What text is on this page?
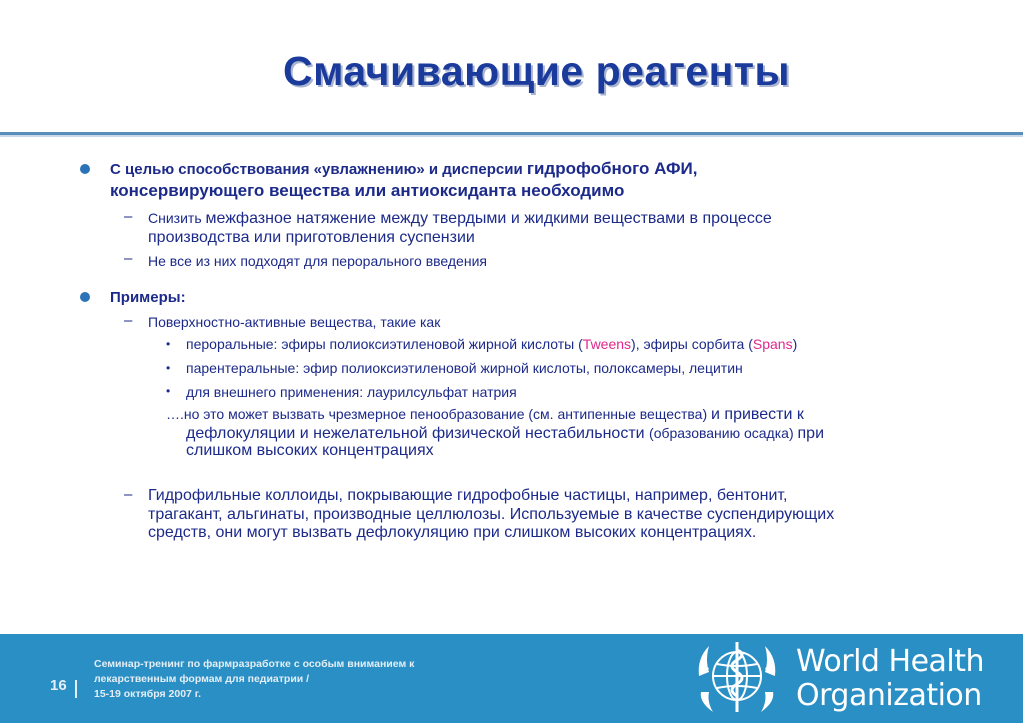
Смачивающие реагенты
С целью способствования «увлажнению» и дисперсии гидрофобного АФИ,
консервирующего вещества или антиоксиданта необходимо
– Снизить межфазное натяжение между твердыми и жидкими веществами в процессе
производства или приготовления суспензии
– Не все из них подходят для перорального введения
Примеры:
– Поверхностно-активные вещества, такие как
• пероральные: эфиры полиоксиэтиленовой жирной кислоты (Tweens), эфиры сорбита (Spans)
• парентеральные: эфир полиоксиэтиленовой жирной кислоты, полоксамеры, лецитин
• для внешнего применения: лаурилсульфат натрия
….но это может вызвать чрезмерное пенообразование (см. антипенные вещества) и привести к
дефлокуляции и нежелательной физической нестабильности (образованию осадка) при
слишком высоких концентрациях
– Гидрофильные коллоиды, покрывающие гидрофобные частицы, например, бентонит,
трагакант, альгинаты, производные целлюлозы. Используемые в качестве суспендирующих
средств, они могут вызвать дефлокуляцию при слишком высоких концентрациях.
16
Семинар-тренинг по фармразработке с особым вниманием к
лекарственным формам для педиатрии /
15-19 октября 2007 г.
World Health
Organization
